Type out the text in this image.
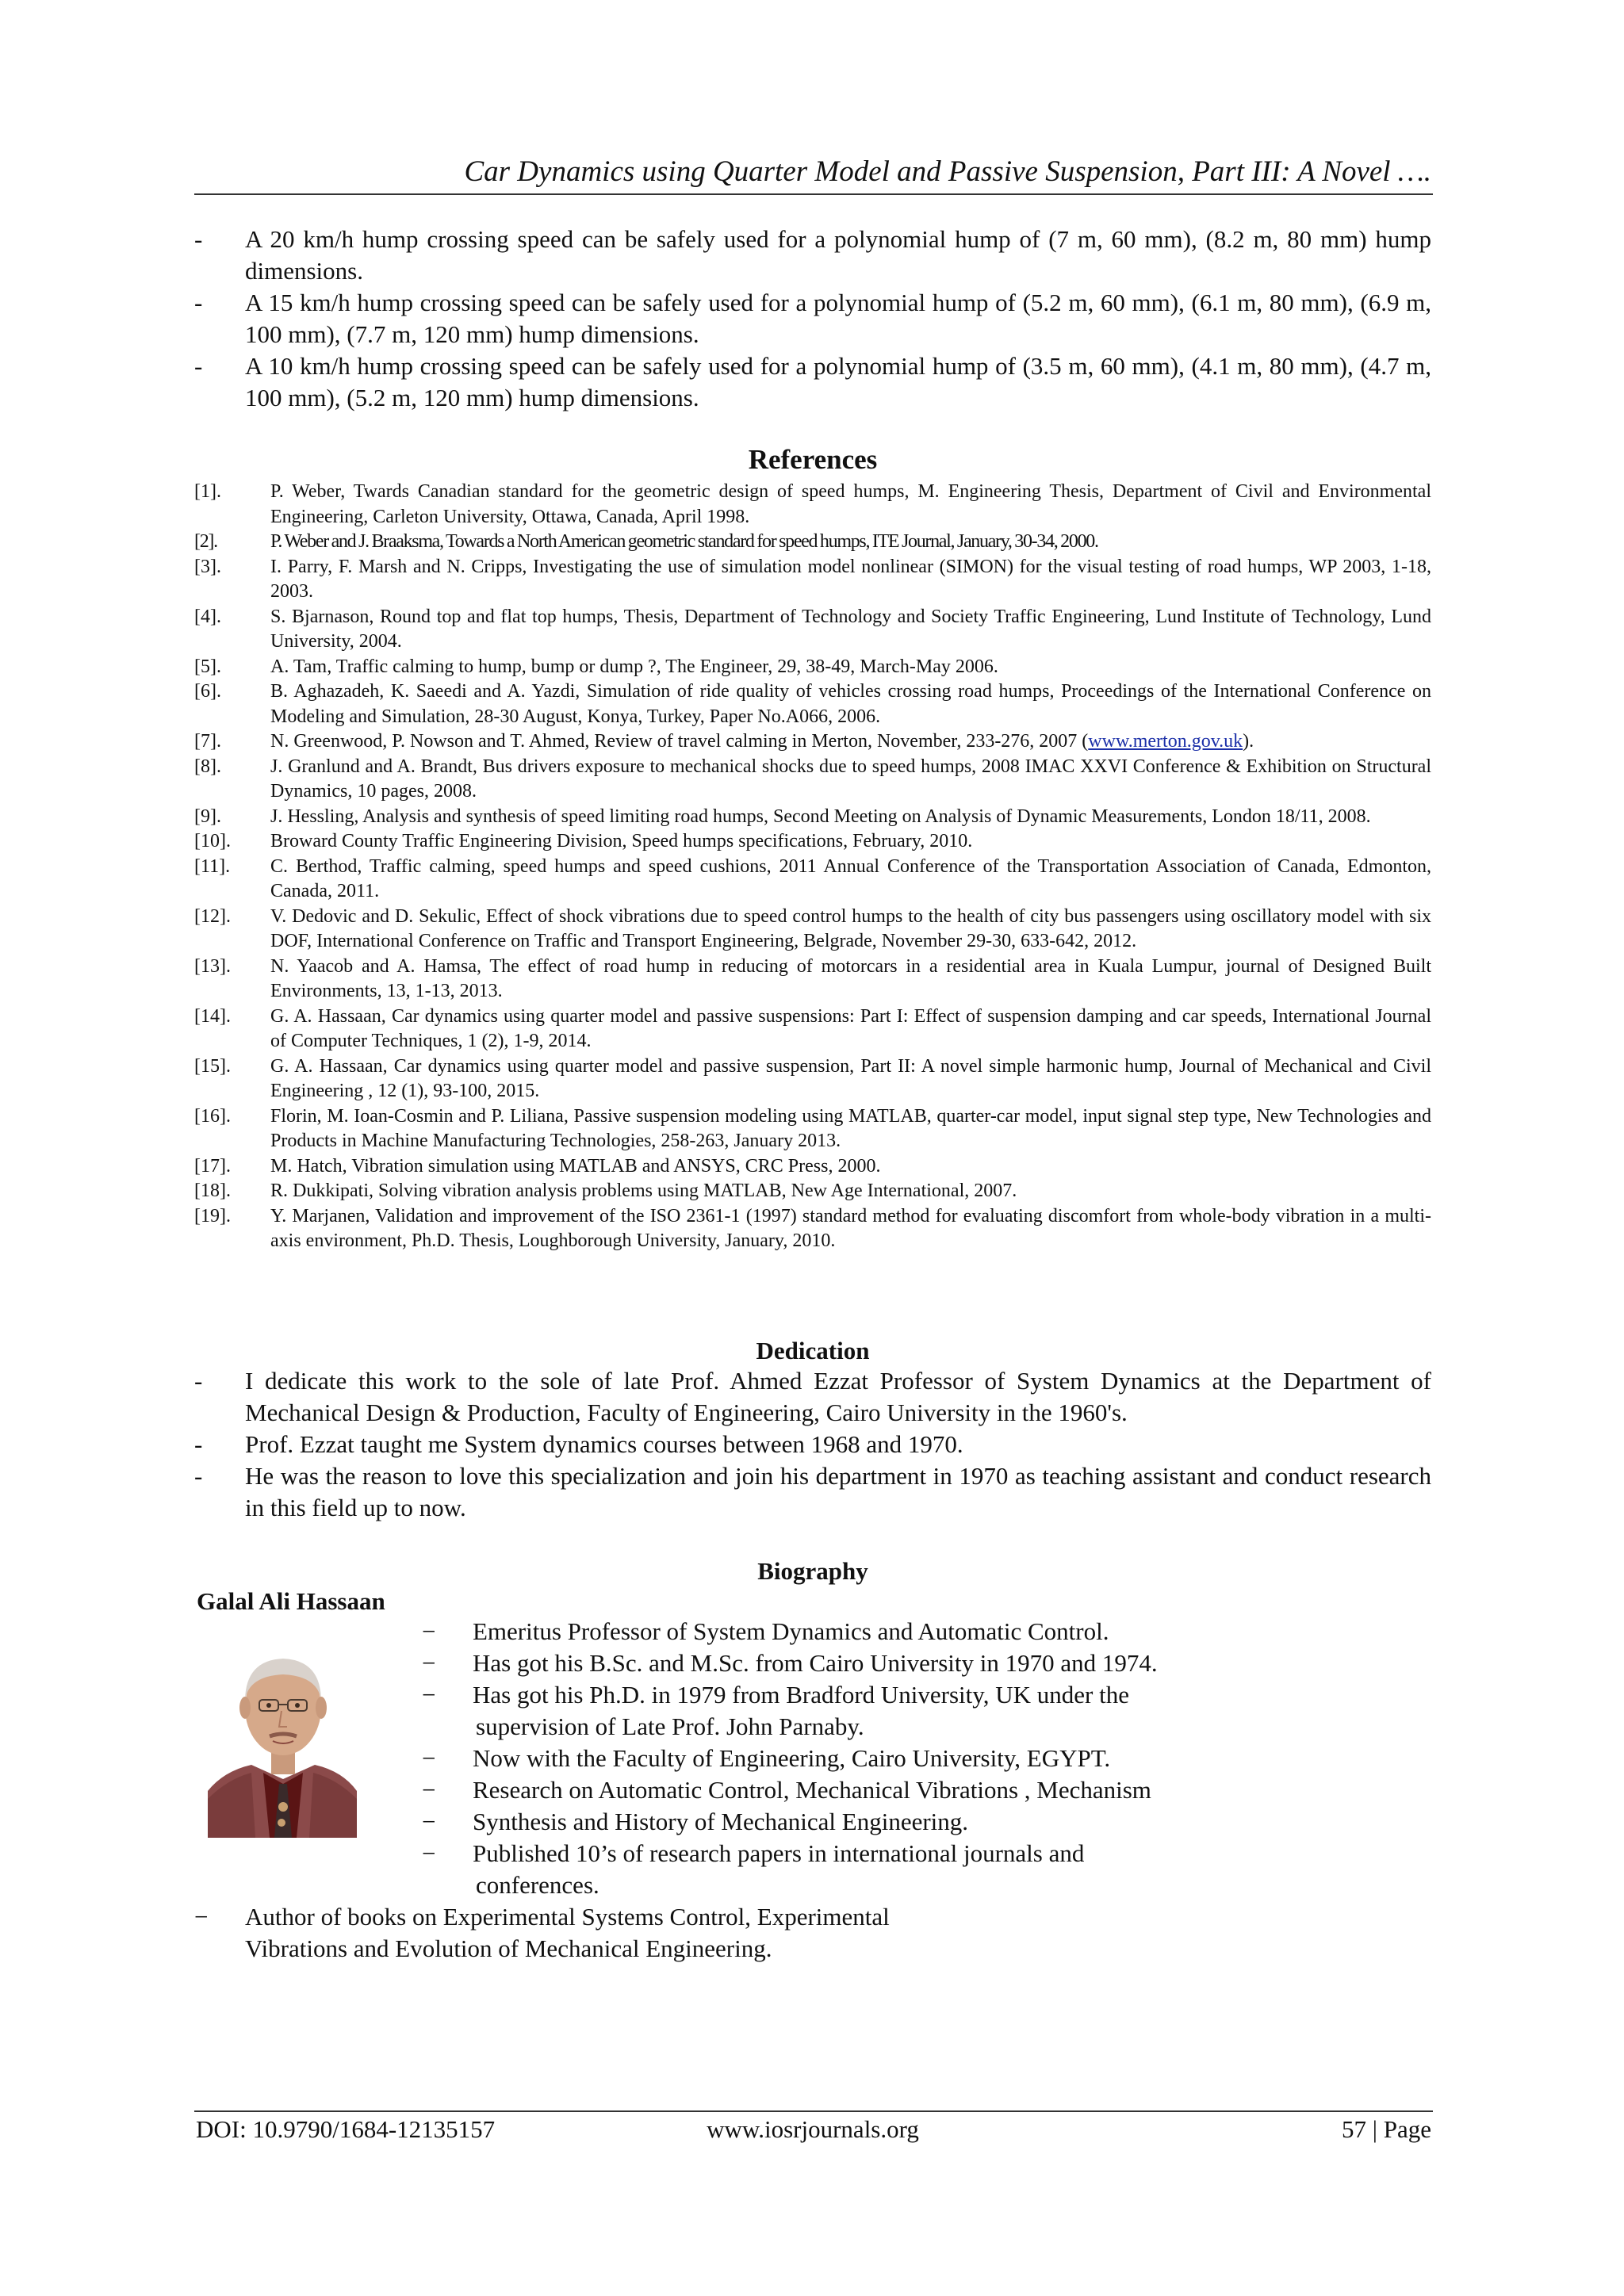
Car Dynamics using Quarter Model and Passive Suspension, Part III: A Novel ….

- A 20 km/h hump crossing speed can be safely used for a polynomial hump of (7 m, 60 mm), (8.2 m, 80 mm) hump dimensions.

- A 15 km/h hump crossing speed can be safely used for a polynomial hump of (5.2 m, 60 mm), (6.1 m, 80 mm), (6.9 m, 100 mm), (7.7 m, 120 mm) hump dimensions.

- A 10 km/h hump crossing speed can be safely used for a polynomial hump of (3.5 m, 60 mm), (4.1 m, 80 mm), (4.7 m, 100 mm), (5.2 m, 120 mm) hump dimensions.

References
[1].	P. Weber, Twards Canadian standard for the geometric design of speed humps, M. Engineering Thesis, Department of Civil and Environmental Engineering, Carleton University, Ottawa, Canada, April 1998.
[2].	P. Weber and J. Braaksma, Towards a North American geometric standard for speed humps, ITE Journal, January, 30-34, 2000.
[3].	I. Parry, F. Marsh and N. Cripps, Investigating the use of simulation model nonlinear (SIMON) for the visual testing of road humps, WP 2003, 1-18, 2003.
[4].	S. Bjarnason, Round top and flat top humps, Thesis, Department of Technology and Society Traffic Engineering, Lund Institute of Technology, Lund University, 2004.
[5].	A. Tam, Traffic calming to hump, bump or dump ?, The Engineer, 29, 38-49, March-May 2006.
[6].	B. Aghazadeh, K. Saeedi and A. Yazdi, Simulation of ride quality of vehicles crossing road humps, Proceedings of the International Conference on Modeling and Simulation, 28-30 August, Konya, Turkey, Paper No.A066, 2006.
[7].	N. Greenwood, P. Nowson and T. Ahmed, Review of travel calming in Merton, November, 233-276, 2007 (www.merton.gov.uk).
[8].	J. Granlund and A. Brandt, Bus drivers exposure to mechanical shocks due to speed humps, 2008 IMAC XXVI Conference & Exhibition on Structural Dynamics, 10 pages, 2008.
[9].	J. Hessling, Analysis and synthesis of speed limiting road humps, Second Meeting on Analysis of Dynamic Measurements, London 18/11, 2008.
[10]. Broward County Traffic Engineering Division, Speed humps specifications, February, 2010.
[11]. C. Berthod, Traffic calming, speed humps and speed cushions, 2011 Annual Conference of the Transportation Association of Canada, Edmonton, Canada, 2011.
[12]. V. Dedovic and D. Sekulic, Effect of shock vibrations due to speed control humps to the health of city bus passengers using oscillatory model with six DOF, International Conference on Traffic and Transport Engineering, Belgrade, November 29-30, 633-642, 2012.
[13]. N. Yaacob and A. Hamsa, The effect of road hump in reducing of motorcars in a residential area in Kuala Lumpur, journal of Designed Built Environments, 13, 1-13, 2013.
[14]. G. A. Hassaan, Car dynamics using quarter model and passive suspensions: Part I: Effect of suspension damping and car speeds, International Journal of Computer Techniques, 1 (2), 1-9, 2014.
[15]. G. A. Hassaan, Car dynamics using quarter model and passive suspension, Part II: A novel simple harmonic hump, Journal of Mechanical and Civil Engineering , 12 (1), 93-100, 2015.
[16]. Florin, M. Ioan-Cosmin and P. Liliana, Passive suspension modeling using MATLAB, quarter-car model, input signal step type, New Technologies and Products in Machine Manufacturing Technologies, 258-263, January 2013.
[17]. M. Hatch, Vibration simulation using MATLAB and ANSYS, CRC Press, 2000.
[18]. R. Dukkipati, Solving vibration analysis problems using MATLAB, New Age International, 2007.
[19]. Y. Marjanen, Validation and improvement of the ISO 2361-1 (1997) standard method for evaluating discomfort from whole-body vibration in a multi-axis environment, Ph.D. Thesis, Loughborough University, January, 2010.
Dedication
- I dedicate this work to the sole of late Prof. Ahmed Ezzat Professor of System Dynamics at the Department of Mechanical Design & Production, Faculty of Engineering, Cairo University in the 1960's.
- Prof. Ezzat taught me System dynamics courses between 1968 and 1970.
- He was the reason to love this specialization and join his department in 1970 as teaching assistant and conduct research in this field up to now.
Biography
Galal Ali Hassaan
− Emeritus Professor of System Dynamics and Automatic Control.
− Has got his B.Sc. and M.Sc. from Cairo University in 1970 and 1974.
− Has got his Ph.D. in 1979 from Bradford University, UK under the
supervision of Late Prof. John Parnaby.
− Now with the Faculty of Engineering, Cairo University, EGYPT.
− Research on Automatic Control, Mechanical Vibrations , Mechanism
− Synthesis and History of Mechanical Engineering.
− Published 10’s of research papers in international journals and
conferences.
− Author of books on Experimental Systems Control, Experimental
Vibrations and Evolution of Mechanical Engineering.
DOI: 10.9790/1684-12135157	www.iosrjournals.org	57 | Page
